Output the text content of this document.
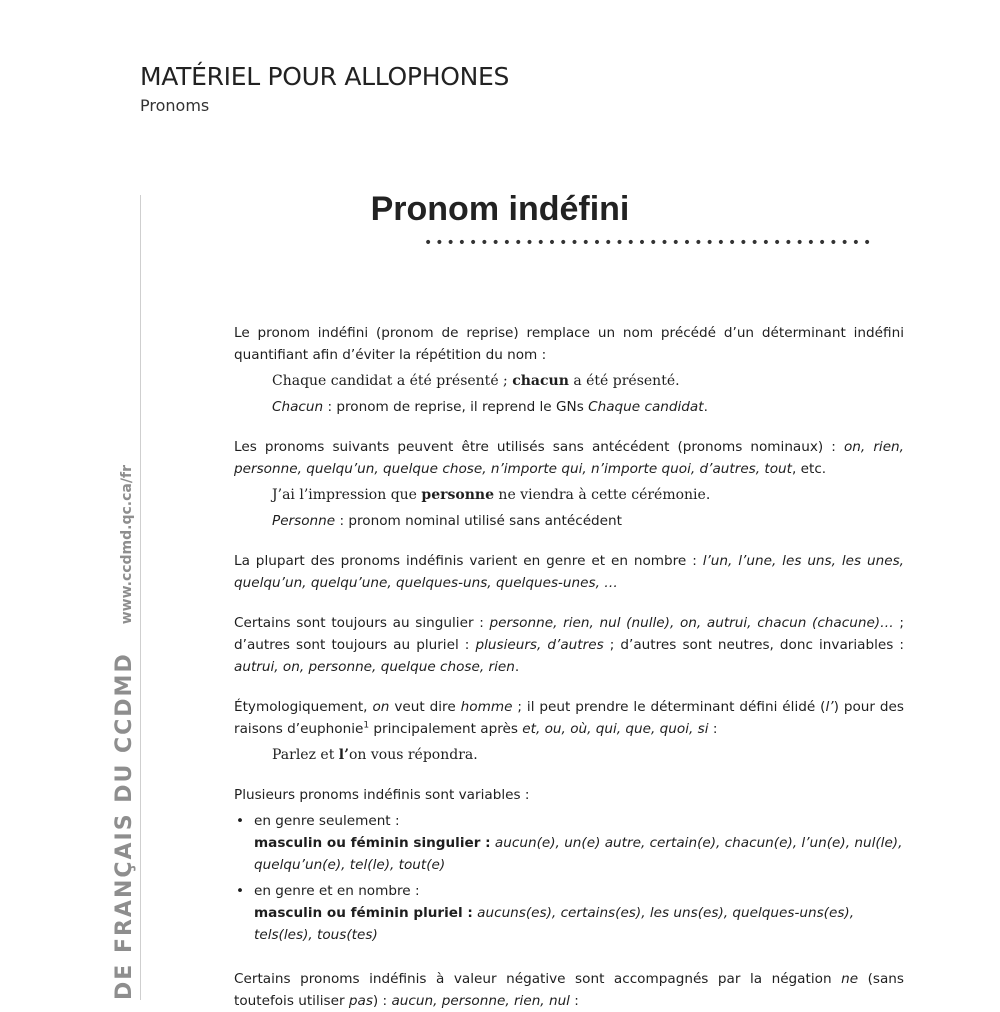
MATÉRIEL POUR ALLOPHONES
Pronoms
DE FRANÇAIS DU CCDMDwww.ccdmd.qc.ca/fr
Pronom indéfini
••••••••••••••••••••••••••••••••••••••••

Le pronom indéfini (pronom de reprise) remplace un nom précédé d’un déterminant indéfini quantifiant afin d’éviter la répétition du nom :

Chaque candidat a été présenté ; chacun a été présenté.

Chacun : pronom de reprise, il reprend le GNs Chaque candidat.

Les pronoms suivants peuvent être utilisés sans antécédent (pronoms nominaux) : on, rien, personne, quelqu’un, quelque chose, n’importe qui, n’importe quoi, d’autres, tout, etc.

J’ai l’impression que personne ne viendra à cette cérémonie.

Personne : pronom nominal utilisé sans antécédent

La plupart des pronoms indéfinis varient en genre et en nombre : l’un, l’une, les uns, les unes, quelqu’un, quelqu’une, quelques-uns, quelques-unes, …

Certains sont toujours au singulier : personne, rien, nul (nulle), on, autrui, chacun (chacune)… ; d’autres sont toujours au pluriel : plusieurs, d’autres ; d’autres sont neutres, donc invariables : autrui, on, personne, quelque chose, rien.

Étymologiquement, on veut dire homme ; il peut prendre le déterminant défini élidé (l’) pour des raisons d’euphonie$^1$ principalement après et, ou, où, qui, que, quoi, si :

Parlez et l’on vous répondra.

Plusieurs pronoms indéfinis sont variables :

• en genre seulement :
masculin ou féminin singulier : aucun(e), un(e) autre, certain(e), chacun(e), l’un(e), nul(le), quelqu’un(e), tel(le), tout(e)
• en genre et en nombre :
masculin ou féminin pluriel : aucuns(es), certains(es), les uns(es), quelques-uns(es), tels(les), tous(tes)

Certains pronoms indéfinis à valeur négative sont accompagnés par la négation ne (sans toutefois utiliser pas) : aucun, personne, rien, nul :
